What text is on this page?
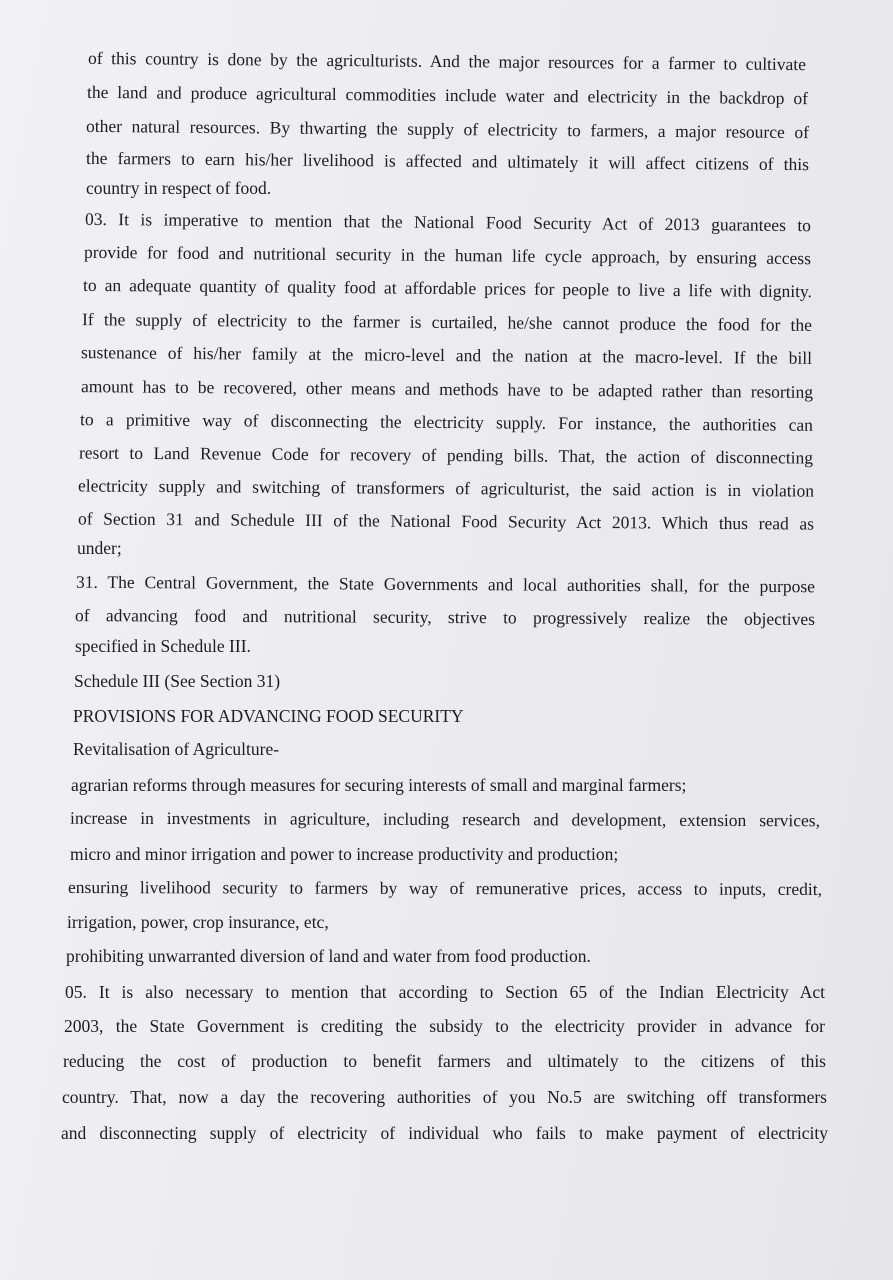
of this country is done by the agriculturists. And the major resources for a farmer to cultivate

the land and produce agricultural commodities include water and electricity in the backdrop of

other natural resources. By thwarting the supply of electricity to farmers, a major resource of

the farmers to earn his/her livelihood is affected and ultimately it will affect citizens of this

country in respect of food.

03. It is imperative to mention that the National Food Security Act of 2013 guarantees to

provide for food and nutritional security in the human life cycle approach, by ensuring access

to an adequate quantity of quality food at affordable prices for people to live a life with dignity.

If the supply of electricity to the farmer is curtailed, he/she cannot produce the food for the

sustenance of his/her family at the micro-level and the nation at the macro-level. If the bill

amount has to be recovered, other means and methods have to be adapted rather than resorting

to a primitive way of disconnecting the electricity supply. For instance, the authorities can

resort to Land Revenue Code for recovery of pending bills. That, the action of disconnecting

electricity supply and switching of transformers of agriculturist, the said action is in violation

of Section 31 and Schedule III of the National Food Security Act 2013. Which thus read as

under;

31. The Central Government, the State Governments and local authorities shall, for the purpose

of advancing food and nutritional security, strive to progressively realize the objectives

specified in Schedule III.

Schedule III (See Section 31)

PROVISIONS FOR ADVANCING FOOD SECURITY

Revitalisation of Agriculture-

agrarian reforms through measures for securing interests of small and marginal farmers;

increase in investments in agriculture, including research and development, extension services,

micro and minor irrigation and power to increase productivity and production;

ensuring livelihood security to farmers by way of remunerative prices, access to inputs, credit,

irrigation, power, crop insurance, etc,

prohibiting unwarranted diversion of land and water from food production.

05. It is also necessary to mention that according to Section 65 of the Indian Electricity Act

2003, the State Government is crediting the subsidy to the electricity provider in advance for

reducing the cost of production to benefit farmers and ultimately to the citizens of this

country. That, now a day the recovering authorities of you No.5 are switching off transformers

and disconnecting supply of electricity of individual who fails to make payment of electricity
